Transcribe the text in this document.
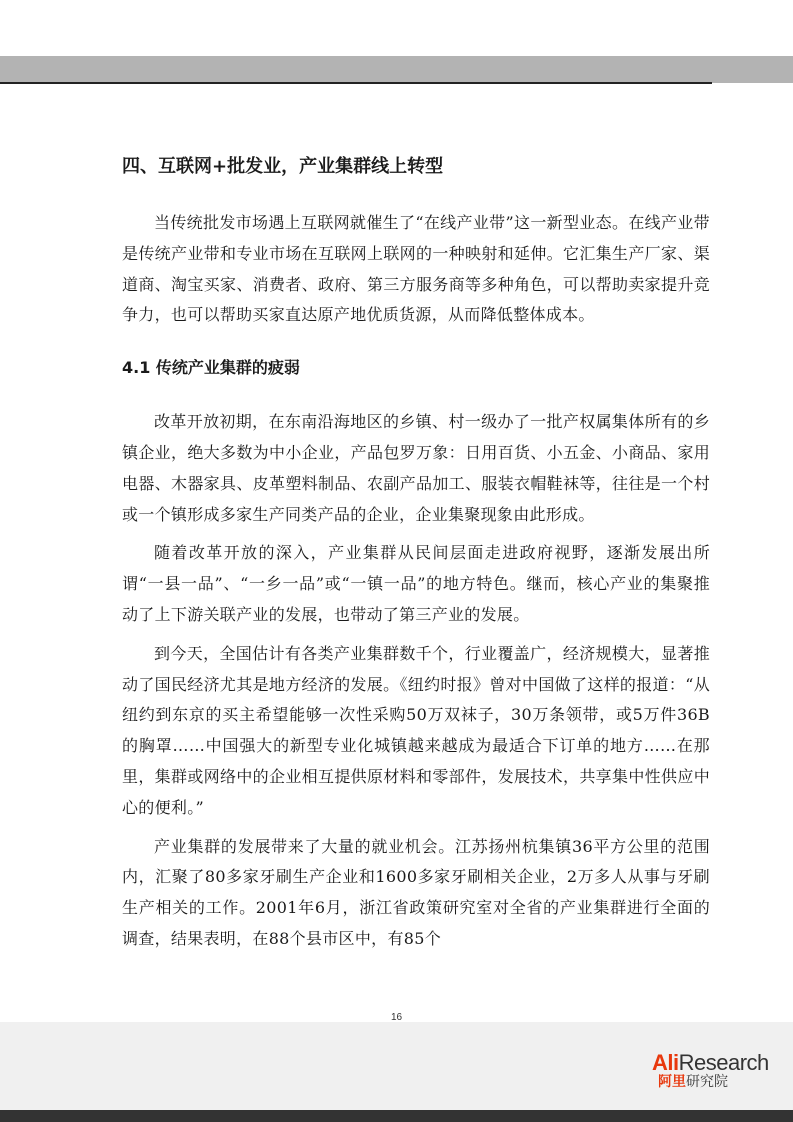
四、互联网+批发业，产业集群线上转型

当传统批发市场遇上互联网就催生了“在线产业带”这一新型业态。在线产业带是传统产业带和专业市场在互联网上联网的一种映射和延伸。它汇集生产厂家、渠道商、淘宝买家、消费者、政府、第三方服务商等多种角色，可以帮助卖家提升竞争力，也可以帮助买家直达原产地优质货源，从而降低整体成本。

4.1 传统产业集群的疲弱

改革开放初期，在东南沿海地区的乡镇、村一级办了一批产权属集体所有的乡镇企业，绝大多数为中小企业，产品包罗万象：日用百货、小五金、小商品、家用电器、木器家具、皮革塑料制品、农副产品加工、服装衣帽鞋袜等，往往是一个村或一个镇形成多家生产同类产品的企业，企业集聚现象由此形成。

随着改革开放的深入，产业集群从民间层面走进政府视野，逐渐发展出所谓“一县一品”、“一乡一品”或“一镇一品”的地方特色。继而，核心产业的集聚推动了上下游关联产业的发展，也带动了第三产业的发展。

到今天，全国估计有各类产业集群数千个，行业覆盖广，经济规模大，显著推动了国民经济尤其是地方经济的发展。《纽约时报》曾对中国做了这样的报道：“从纽约到东京的买主希望能够一次性采购50万双袜子，30万条领带，或5万件36B的胸罩……中国强大的新型专业化城镇越来越成为最适合下订单的地方……在那里，集群或网络中的企业相互提供原材料和零部件，发展技术，共享集中性供应中心的便利。”

产业集群的发展带来了大量的就业机会。江苏扬州杭集镇36平方公里的范围内，汇聚了80多家牙刷生产企业和1600多家牙刷相关企业，2万多人从事与牙刷生产相关的工作。2001年6月，浙江省政策研究室对全省的产业集群进行全面的调查，结果表明，在88个县市区中，有85个

16
AliResearch
阿里研究院
